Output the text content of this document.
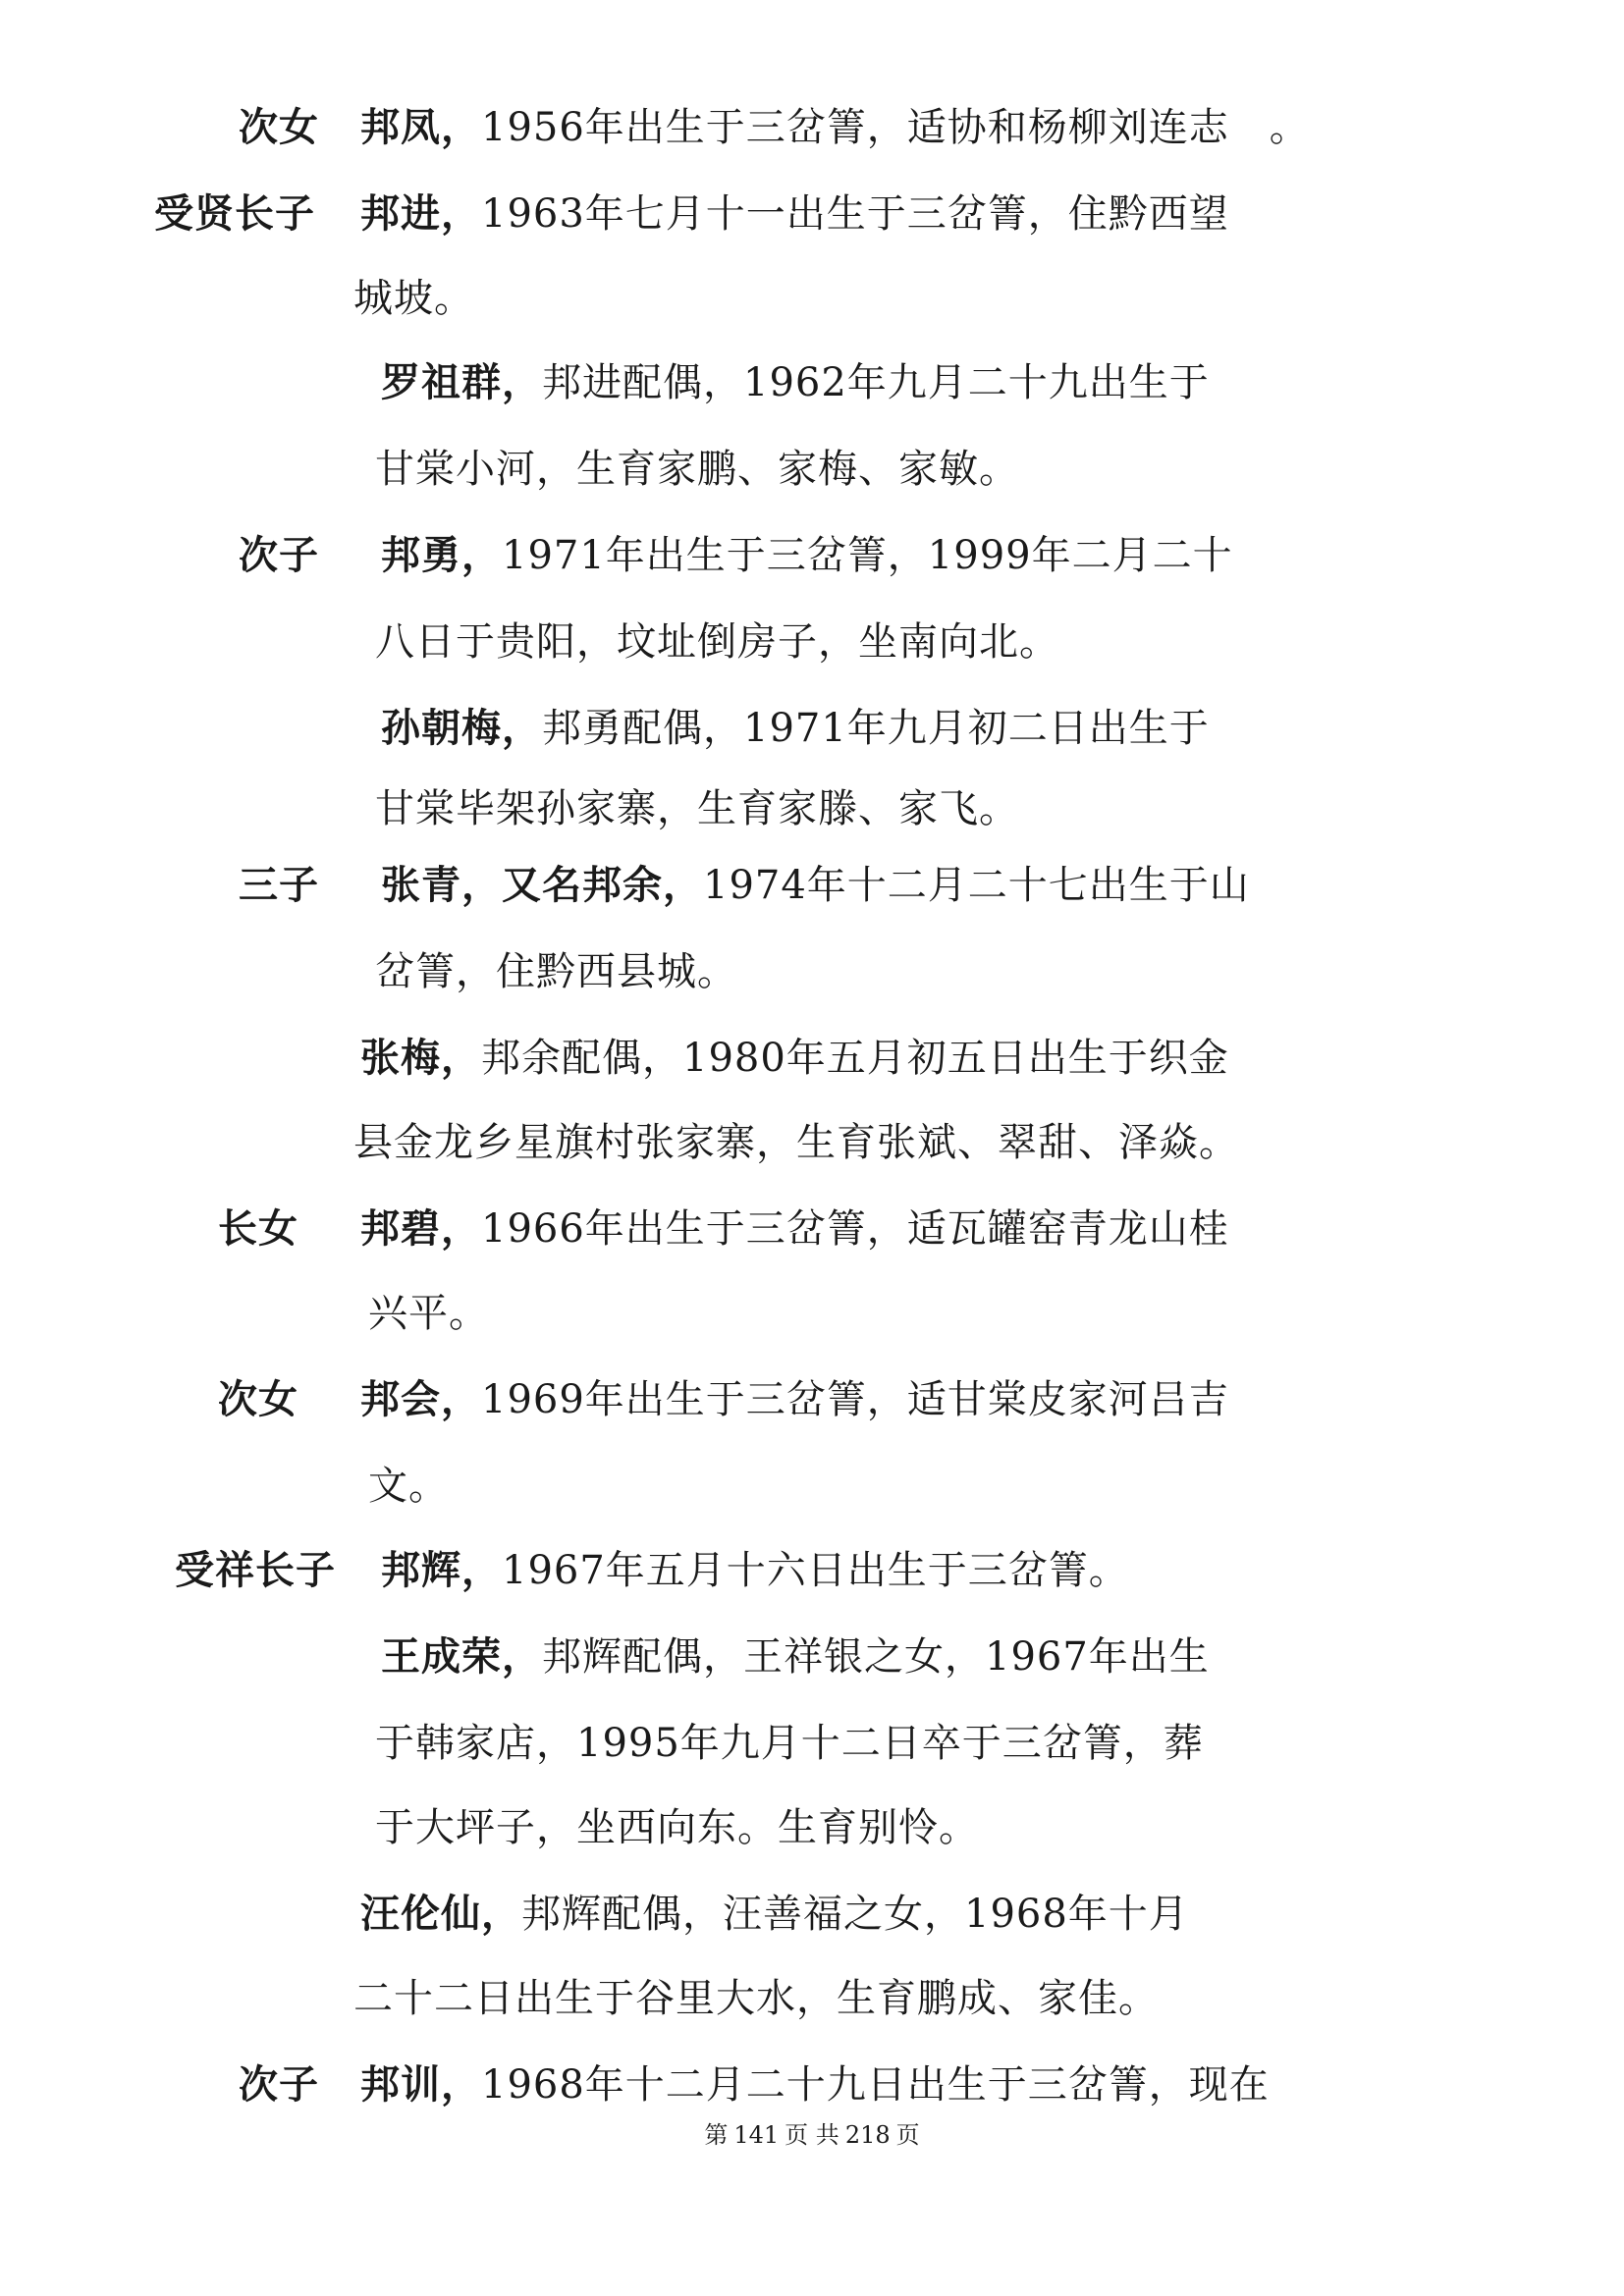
次女 邦凤，1956年出生于三岔箐，适协和杨柳刘连志　。
受贤长子 邦进，1963年七月十一出生于三岔箐，住黔西望
城坡。
罗祖群，邦进配偶，1962年九月二十九出生于
甘棠小河，生育家鹏、家梅、家敏。
次子 邦勇，1971年出生于三岔箐，1999年二月二十
八日于贵阳，坟址倒房子，坐南向北。
孙朝梅，邦勇配偶，1971年九月初二日出生于
甘棠毕架孙家寨，生育家滕、家飞。
三子 张青，又名邦余，1974年十二月二十七出生于山
岔箐，住黔西县城。
张梅，邦余配偶，1980年五月初五日出生于织金
县金龙乡星旗村张家寨，生育张斌、翠甜、泽焱。
长女 邦碧，1966年出生于三岔箐，适瓦罐窑青龙山桂
兴平。
次女 邦会，1969年出生于三岔箐，适甘棠皮家河吕吉
文。
受祥长子 邦辉，1967年五月十六日出生于三岔箐。
王成荣，邦辉配偶，王祥银之女，1967年出生
于韩家店，1995年九月十二日卒于三岔箐，葬
于大坪子，坐西向东。生育别怜。
汪伦仙，邦辉配偶，汪善福之女，1968年十月
二十二日出生于谷里大水，生育鹏成、家佳。
次子 邦训，1968年十二月二十九日出生于三岔箐，现在
第 141 页 共 218 页
